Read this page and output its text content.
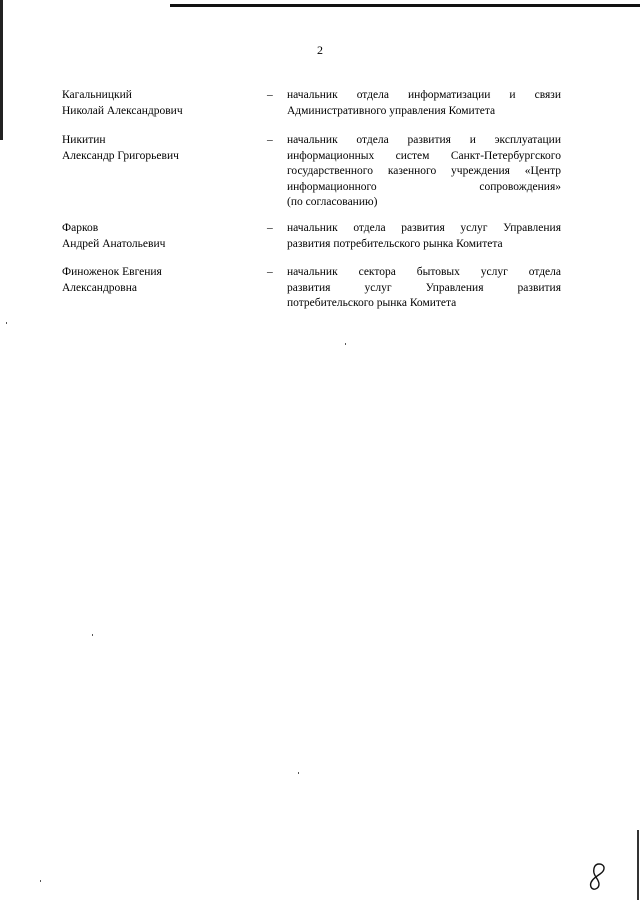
2
Кагальницкий
Николай Александрович
– начальник отдела информатизации и связи
Административного управления Комитета
Никитин
Александр Григорьевич
– начальник отдела развития и эксплуатации
информационных систем Санкт-Петербургского
государственного казенного учреждения «Центр
информационного сопровождения»
(по согласованию)
Фарков
Андрей Анатольевич
– начальник отдела развития услуг Управления
развития потребительского рынка Комитета
Финоженок Евгения
Александровна
– начальник сектора бытовых услуг отдела
развития услуг Управления развития
потребительского рынка Комитета
